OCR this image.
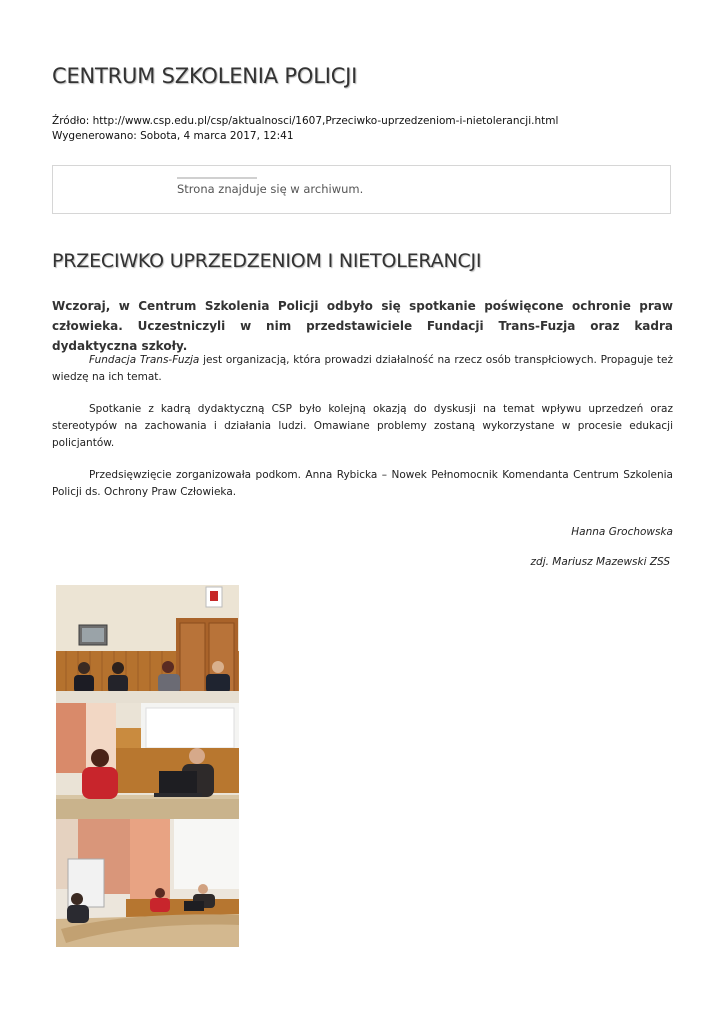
CENTRUM SZKOLENIA POLICJI
Źródło: http://www.csp.edu.pl/csp/aktualnosci/1607,Przeciwko-uprzedzeniom-i-nietolerancji.html
Wygenerowano: Sobota, 4 marca 2017, 12:41
Strona znajduje się w archiwum.
PRZECIWKO UPRZEDZENIOM I NIETOLERANCJI

Wczoraj, w Centrum Szkolenia Policji odbyło się spotkanie poświęcone ochronie praw człowieka. Uczestniczyli w nim przedstawiciele Fundacji Trans-Fuzja oraz kadra dydaktyczna szkoły.

Fundacja Trans-Fuzja jest organizacją, która prowadzi działalność na rzecz osób transpłciowych. Propaguje też wiedzę na ich temat.

Spotkanie z kadrą dydaktyczną CSP było kolejną okazją do dyskusji na temat wpływu uprzedzeń oraz stereotypów na zachowania i działania ludzi. Omawiane problemy zostaną wykorzystane w procesie edukacji policjantów.

Przedsięwzięcie zorganizowała podkom. Anna Rybicka – Nowek Pełnomocnik Komendanta Centrum Szkolenia Policji ds. Ochrony Praw Człowieka.

Hanna Grochowska
zdj. Mariusz Mazewski ZSS
